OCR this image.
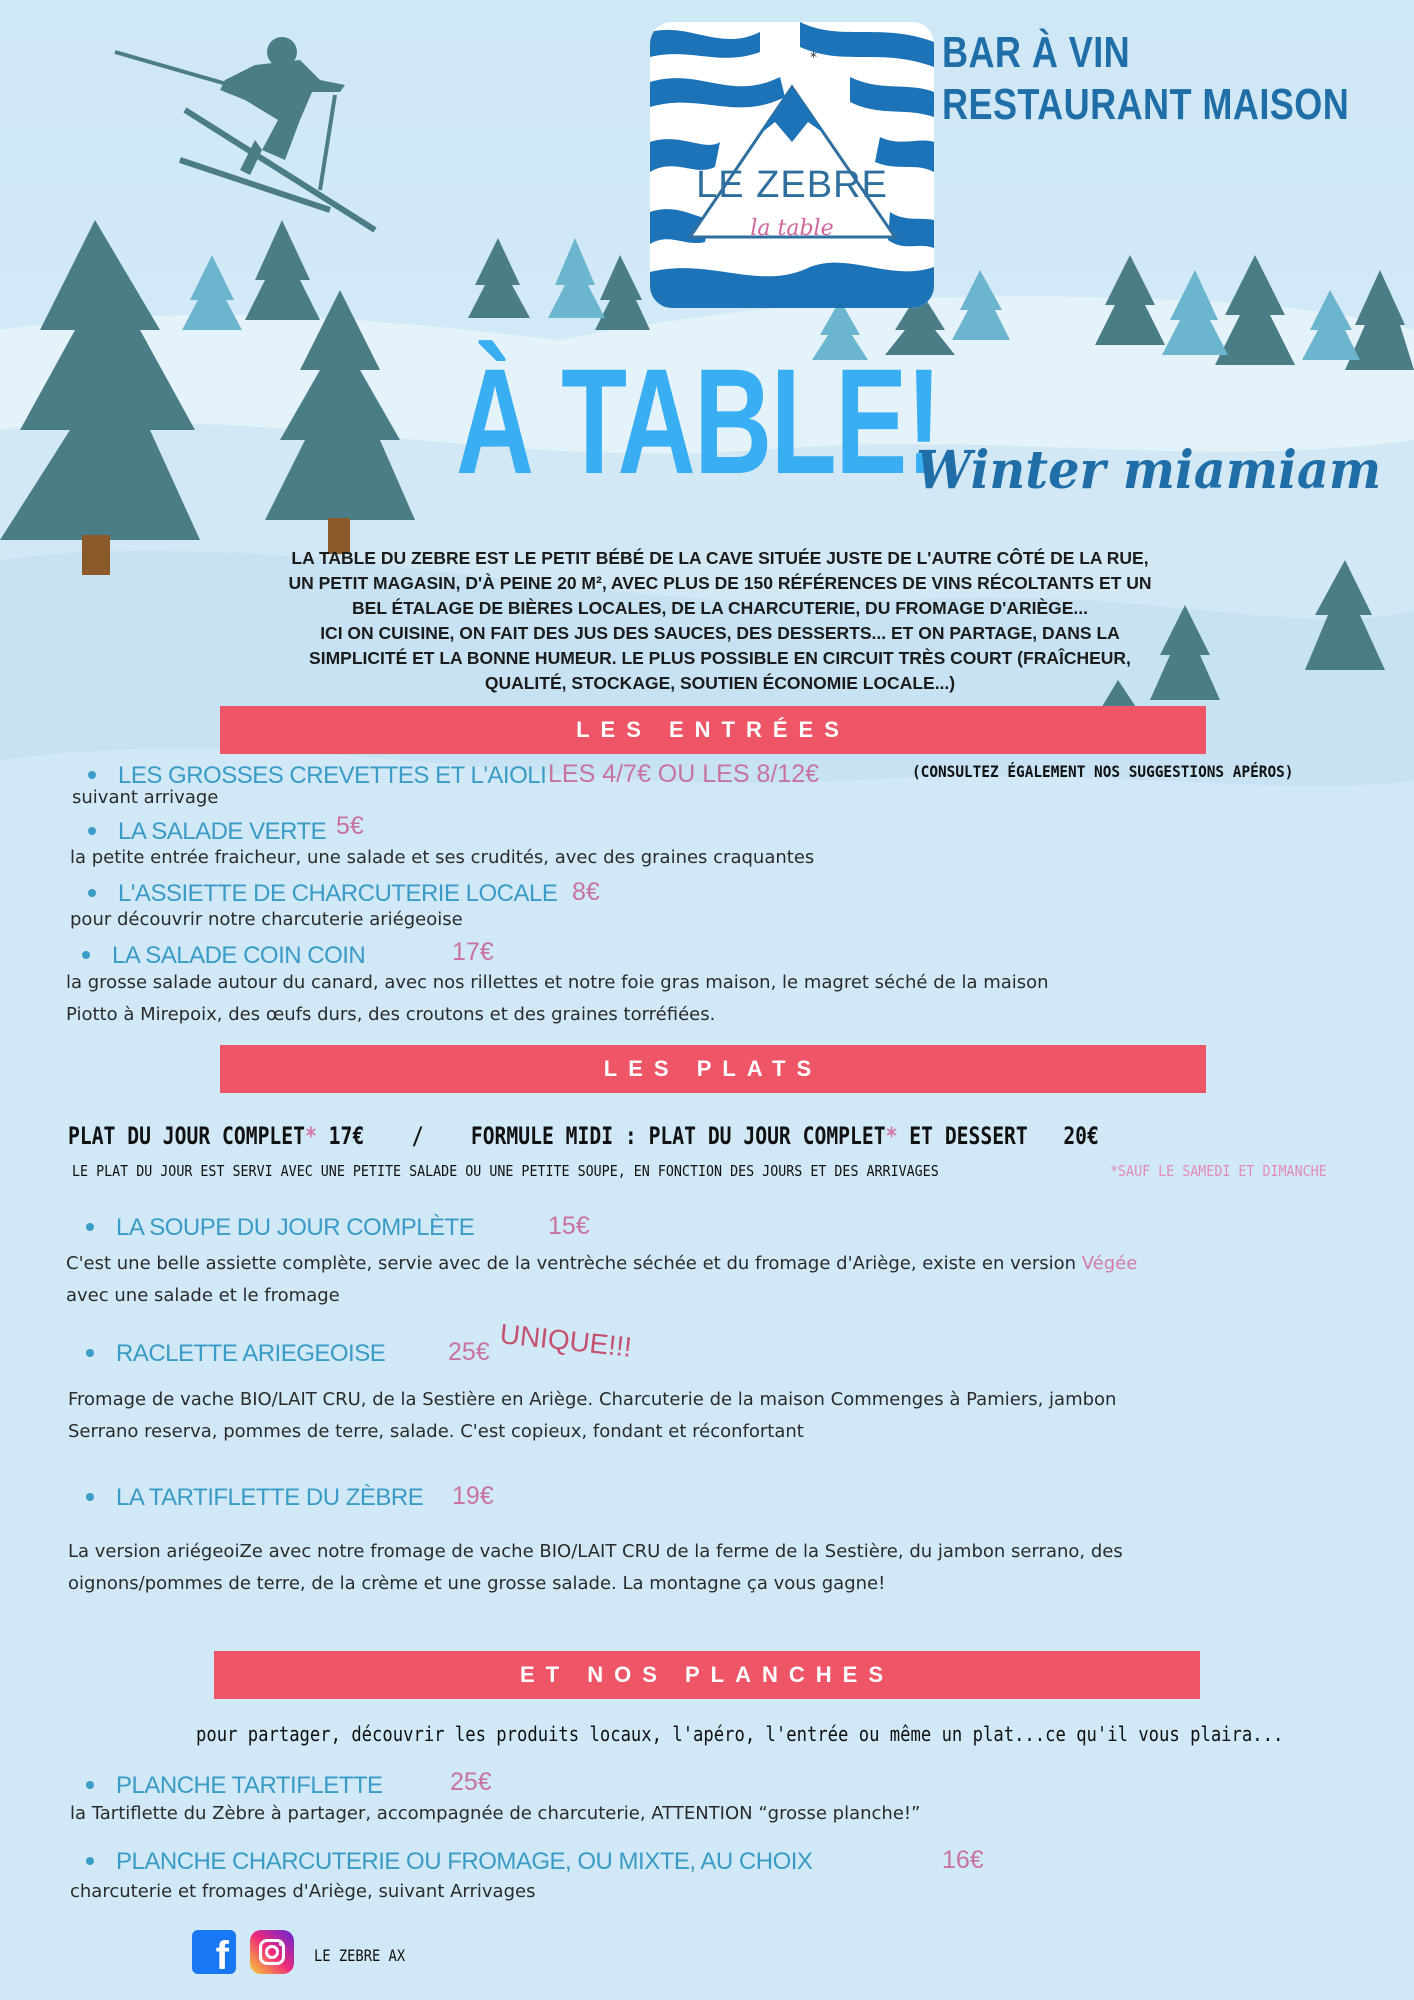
*
LE ZEBRE
la table
BAR À VIN
RESTAURANT MAISON
À TABLE!
Winter miamiam
LA TABLE DU ZEBRE EST LE PETIT BÉBÉ DE LA CAVE SITUÉE JUSTE DE L'AUTRE CÔTÉ DE LA RUE,
UN PETIT MAGASIN, D'À PEINE 20 M², AVEC PLUS DE 150 RÉFÉRENCES DE VINS RÉCOLTANTS ET UN
BEL ÉTALAGE DE BIÈRES LOCALES, DE LA CHARCUTERIE, DU FROMAGE D'ARIÈGE...
ICI ON CUISINE, ON FAIT DES JUS DES SAUCES, DES DESSERTS... ET ON PARTAGE, DANS LA
SIMPLICITÉ ET LA BONNE HUMEUR. LE PLUS POSSIBLE EN CIRCUIT TRÈS COURT (FRAÎCHEUR,
QUALITÉ, STOCKAGE, SOUTIEN ÉCONOMIE LOCALE...)
LES ENTRÉES
LES GROSSES CREVETTES ET L'AIOLI LES 4/7€ OU LES 8/12€	(CONSULTEZ ÉGALEMENT NOS SUGGESTIONS APÉROS)
suivant arrivage
LA SALADE VERTE 5€
la petite entrée fraicheur, une salade et ses crudités, avec des graines craquantes
L'ASSIETTE DE CHARCUTERIE LOCALE 8€
pour découvrir notre charcuterie ariégeoise
LA SALADE COIN COIN	17€
la grosse salade autour du canard, avec nos rillettes et notre foie gras maison, le magret séché de la maison
Piotto à Mirepoix, des œufs durs, des croutons et des graines torréfiées.
LES PLATS
PLAT DU JOUR COMPLET* 17€ / FORMULE MIDI : PLAT DU JOUR COMPLET* ET DESSERT 20€
LE PLAT DU JOUR EST SERVI AVEC UNE PETITE SALADE OU UNE PETITE SOUPE, EN FONCTION DES JOURS ET DES ARRIVAGES	*SAUF LE SAMEDI ET DIMANCHE
LA SOUPE DU JOUR COMPLÈTE	15€
C'est une belle assiette complète, servie avec de la ventrèche séchée et du fromage d'Ariège, existe en version Végée
avec une salade et le fromage
RACLETTE ARIEGEOISE	25€ UNIQUE!!!
Fromage de vache BIO/LAIT CRU, de la Sestière en Ariège. Charcuterie de la maison Commenges à Pamiers, jambon
Serrano reserva, pommes de terre, salade. C'est copieux, fondant et réconfortant
LA TARTIFLETTE DU ZÈBRE 19€
La version ariégeoiZe avec notre fromage de vache BIO/LAIT CRU de la ferme de la Sestière, du jambon serrano, des
oignons/pommes de terre, de la crème et une grosse salade. La montagne ça vous gagne!
ET NOS PLANCHES
pour partager, découvrir les produits locaux, l'apéro, l'entrée ou même un plat...ce qu'il vous plaira...
PLANCHE TARTIFLETTE	25€
la Tartiflette du Zèbre à partager, accompagnée de charcuterie, ATTENTION “grosse planche!”
PLANCHE CHARCUTERIE OU FROMAGE, OU MIXTE, AU CHOIX	16€
charcuterie et fromages d'Ariège, suivant Arrivages
f	LE ZEBRE AX
